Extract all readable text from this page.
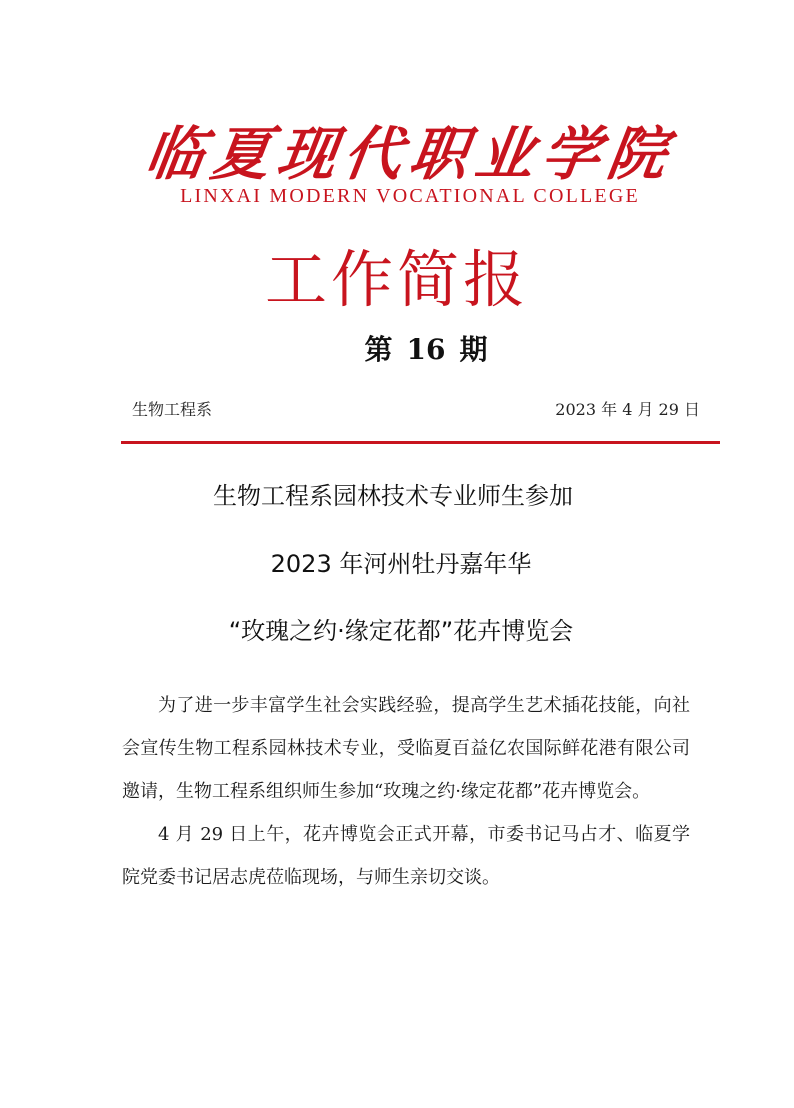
临夏现代职业学院
LINXAI MODERN VOCATIONAL COLLEGE
工作简报
第 16 期
生物工程系	2023 年 4 月 29 日
生物工程系园林技术专业师生参加
2023 年河州牡丹嘉年华
“玫瑰之约·缘定花都”花卉博览会

为了进一步丰富学生社会实践经验，提高学生艺术插花技能，向社会宣传生物工程系园林技术专业，受临夏百益亿农国际鲜花港有限公司邀请，生物工程系组织师生参加“玫瑰之约·缘定花都”花卉博览会。

4 月 29 日上午，花卉博览会正式开幕，市委书记马占才、临夏学院党委书记居志虎莅临现场，与师生亲切交谈。
